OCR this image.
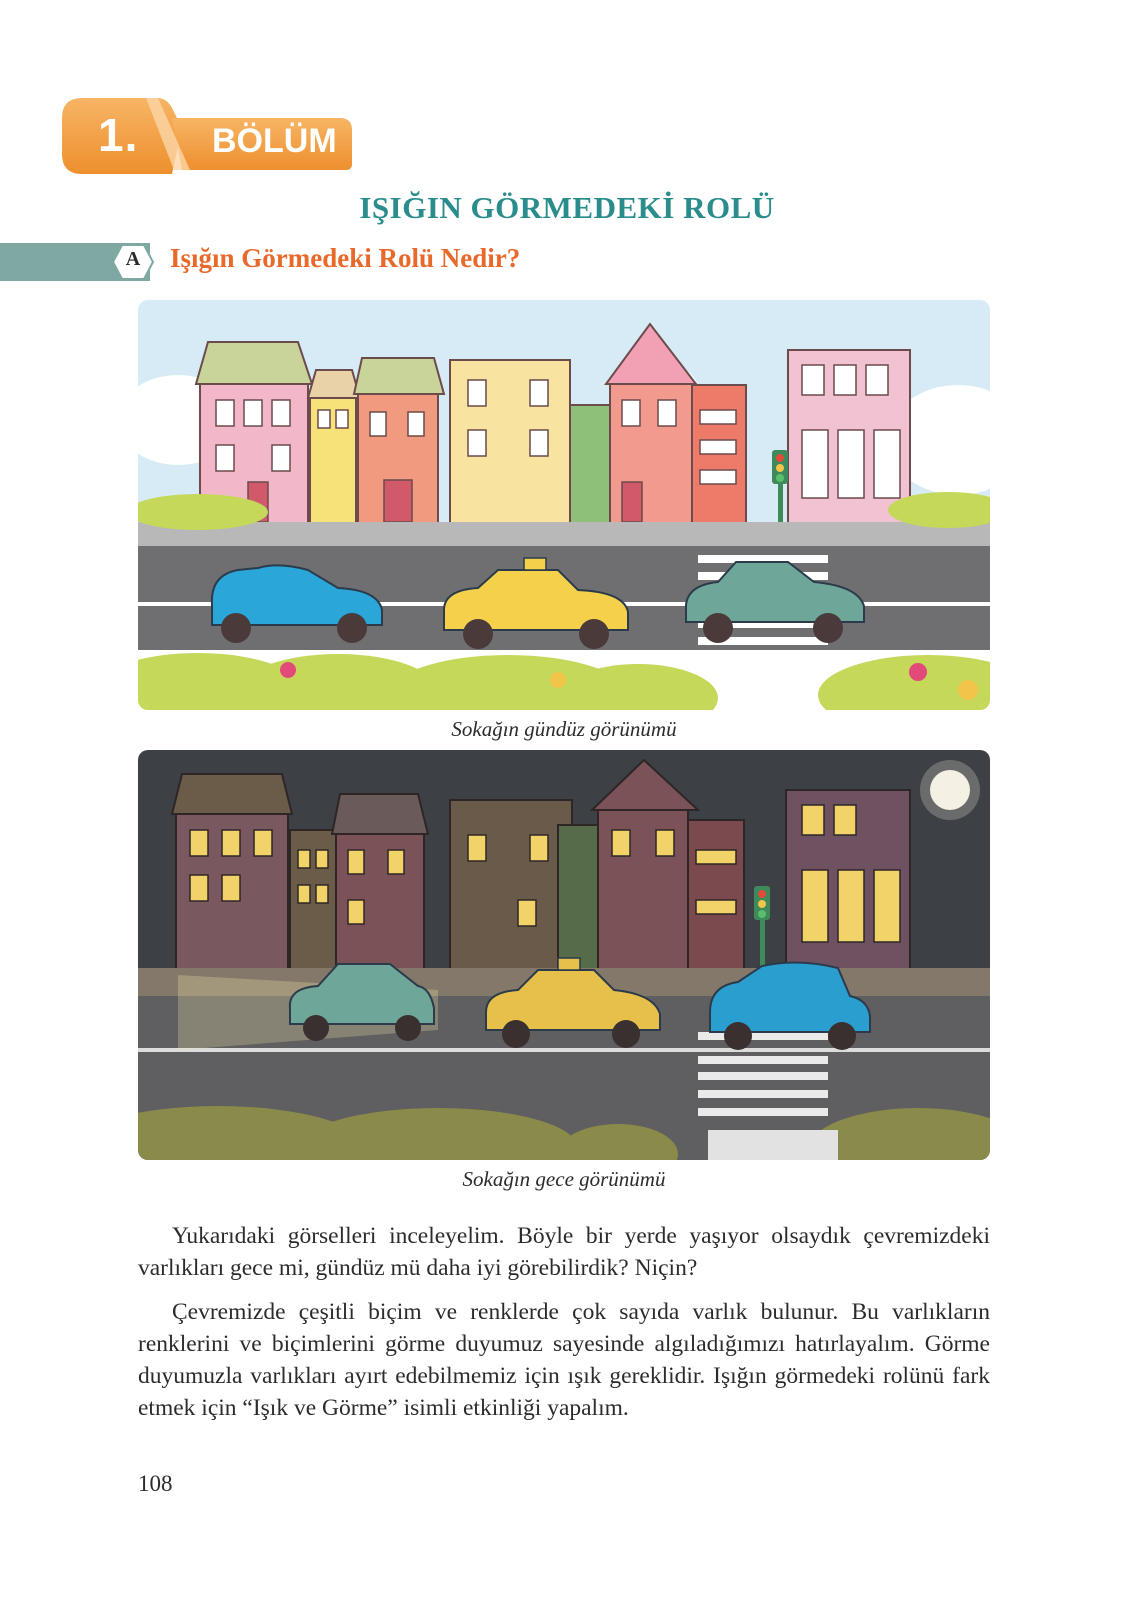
1. BÖLÜM
IŞIĞIN GÖRMEDEKİ ROLÜ
A	Işığın Görmedeki Rolü Nedir?
Sokağın gündüz görünümü
Sokağın gece görünümü

Yukarıdaki görselleri inceleyelim. Böyle bir yerde yaşıyor olsaydık çevremizdeki varlıkları gece mi, gündüz mü daha iyi görebilirdik? Niçin?

Çevremizde çeşitli biçim ve renklerde çok sayıda varlık bulunur. Bu varlıkların renklerini ve biçimlerini görme duyumuz sayesinde algıladığımızı hatırlayalım. Görme duyumuzla varlıkları ayırt edebilmemiz için ışık gereklidir. Işığın görmedeki rolünü fark etmek için “Işık ve Görme” isimli etkinliği yapalım.

108
